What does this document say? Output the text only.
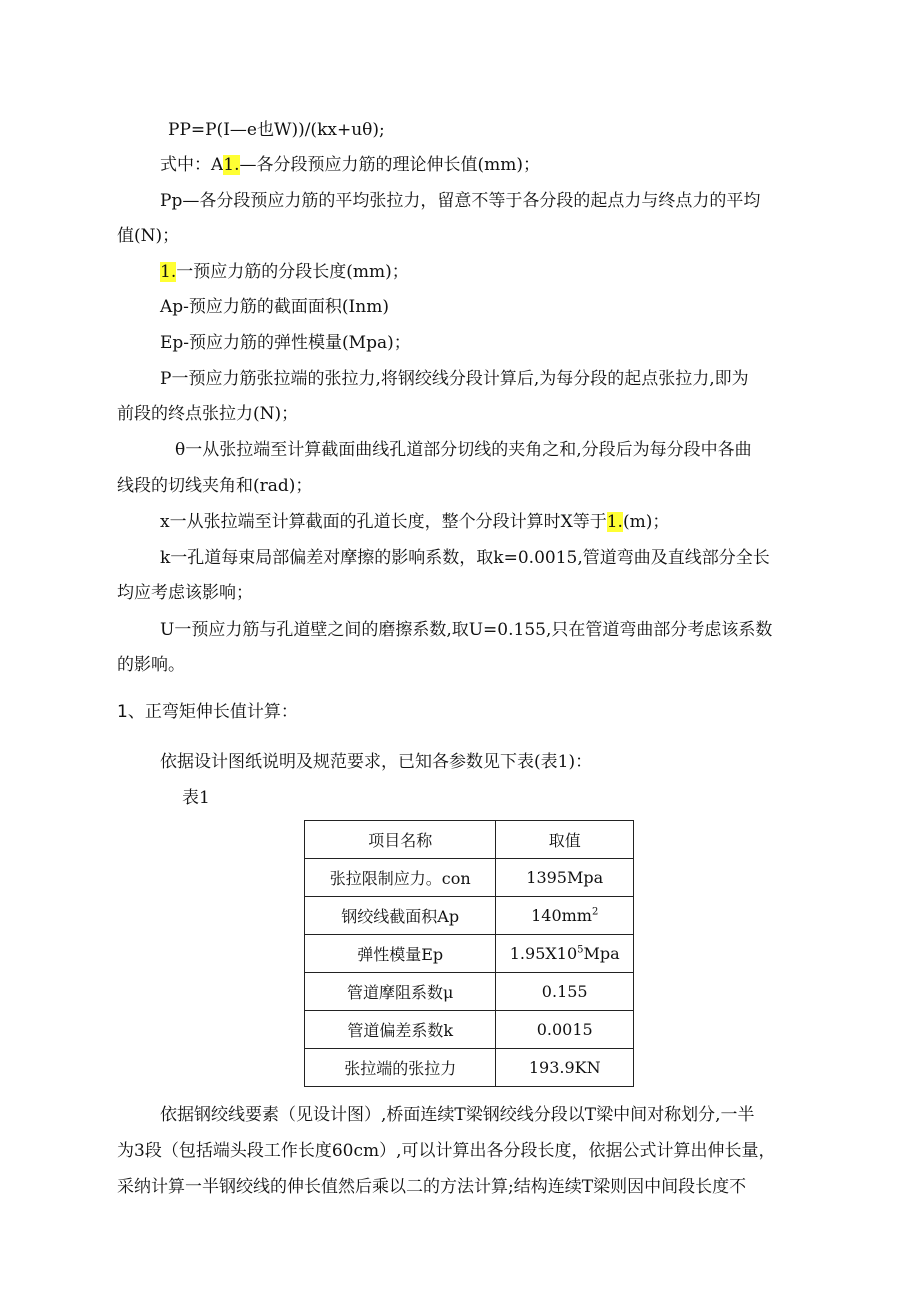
PP=P(I—e也W))/(kx+uθ);
式中：A1.—各分段预应力筋的理论伸长值(mm)；
Pp—各分段预应力筋的平均张拉力，留意不等于各分段的起点力与终点力的平均
值(N)；
1.一预应力筋的分段长度(mm)；
Ap-预应力筋的截面面积(Inm)
Ep-预应力筋的弹性模量(Mpa)；
P一预应力筋张拉端的张拉力,将钢绞线分段计算后,为每分段的起点张拉力,即为
前段的终点张拉力(N)；
θ一从张拉端至计算截面曲线孔道部分切线的夹角之和,分段后为每分段中各曲
线段的切线夹角和(rad)；
x一从张拉端至计算截面的孔道长度，整个分段计算时X等于1.(m)；
k一孔道每束局部偏差对摩擦的影响系数，取k=0.0015,管道弯曲及直线部分全长
均应考虑该影响；
U一预应力筋与孔道壁之间的磨擦系数,取U=0.155,只在管道弯曲部分考虑该系数
的影响。
1、正弯矩伸长值计算：
依据设计图纸说明及规范要求，已知各参数见下表(表1)：
表1
项目名称	取值
张拉限制应力。con	1395Mpa
钢绞线截面积Ap	$140mm^2$
弹性模量Ep	$1.95X10^5Mpa$
管道摩阻系数μ	0.155
管道偏差系数k	0.0015
张拉端的张拉力	193.9KN
依据钢绞线要素（见设计图）,桥面连续T梁钢绞线分段以T梁中间对称划分,一半
为3段（包括端头段工作长度60cm）,可以计算出各分段长度，依据公式计算出伸长量，
采纳计算一半钢绞线的伸长值然后乘以二的方法计算;结构连续T梁则因中间段长度不
